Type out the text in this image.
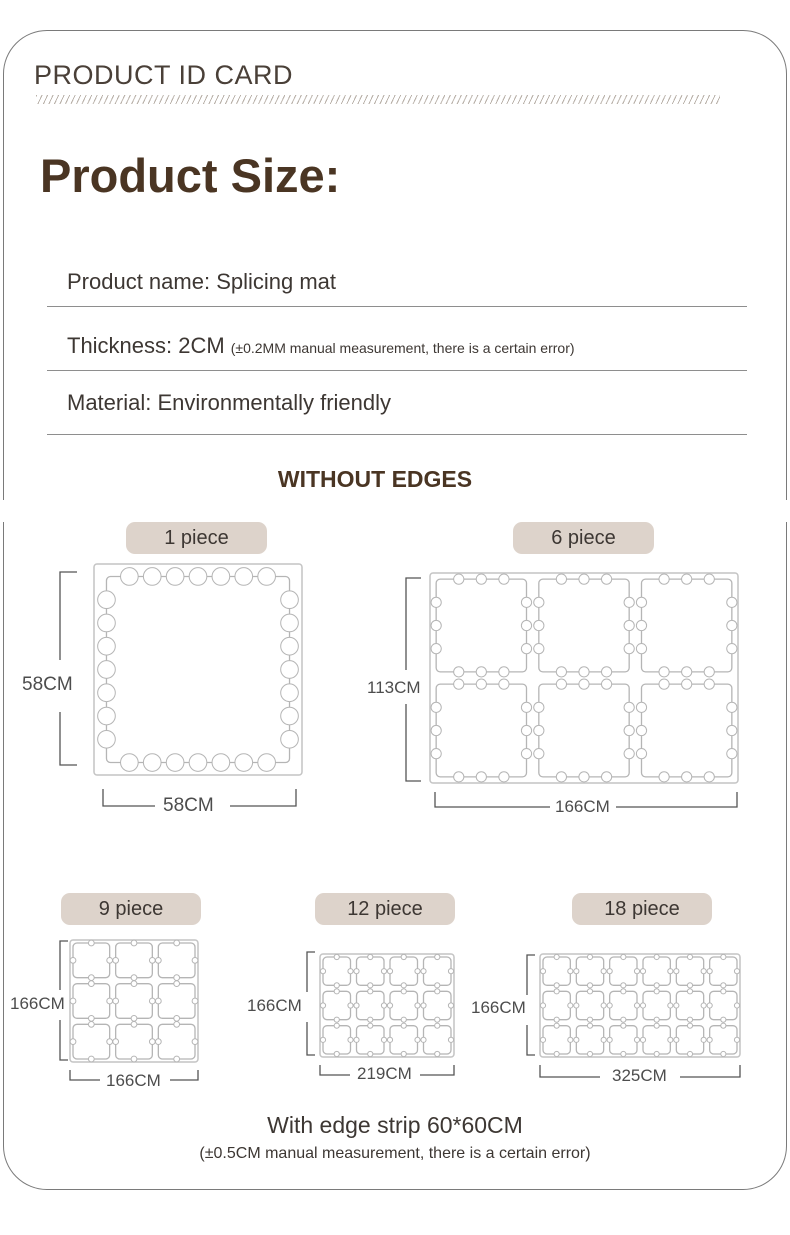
PRODUCT ID CARD
Product Size:
Product name: Splicing mat
Thickness: 2CM (±0.2MM manual measurement, there is a certain error)
Material: Environmentally friendly
WITHOUT EDGES
1 piece
58CM
58CM
6 piece
113CM
166CM
9 piece
166CM
166CM
12 piece
166CM
219CM
18 piece
166CM
325CM
With edge strip 60*60CM
(±0.5CM manual measurement, there is a certain error)
